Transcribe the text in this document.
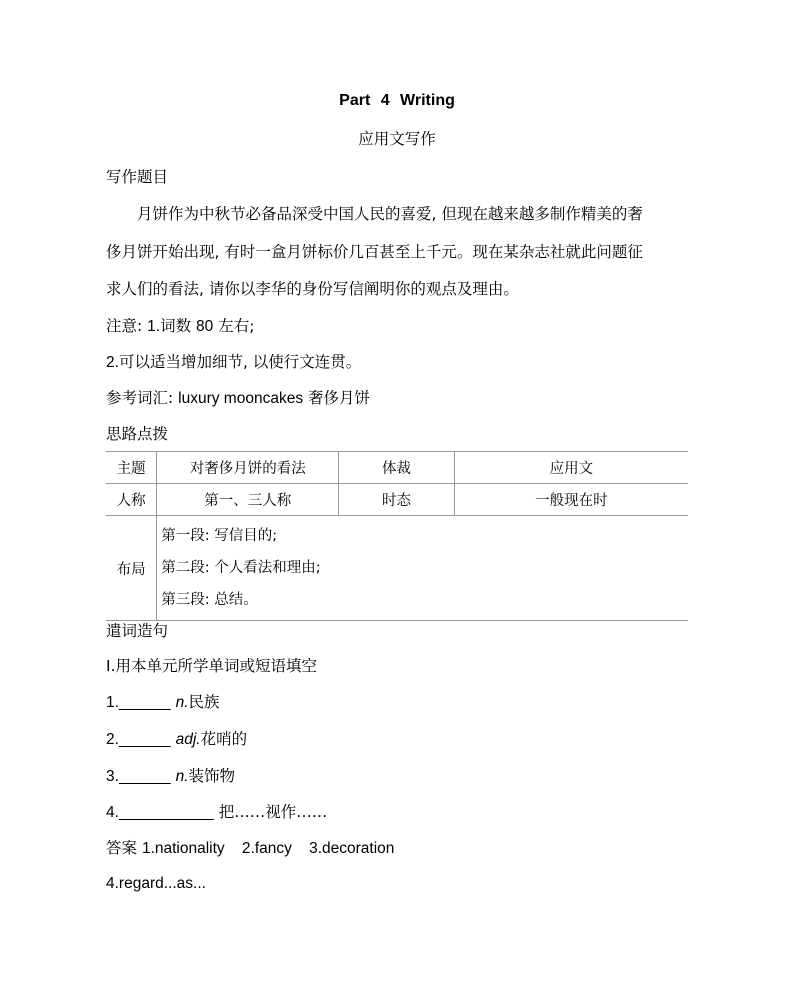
Part 4 Writing
应用文写作
写作题目
月饼作为中秋节必备品深受中国人民的喜爱, 但现在越来越多制作精美的奢
侈月饼开始出现, 有时一盒月饼标价几百甚至上千元。现在某杂志社就此问题征
求人们的看法, 请你以李华的身份写信阐明你的观点及理由。
注意: 1.词数 80 左右;
2.可以适当增加细节, 以使行文连贯。
参考词汇: luxury mooncakes 奢侈月饼
思路点拨
主题	对奢侈月饼的看法	体裁	应用文
人称	第一、三人称	时态	一般现在时
布局	第一段: 写信目的;
第二段: 个人看法和理由;
第三段: 总结。		
遣词造句
Ⅰ.用本单元所学单词或短语填空
1.______ n.民族
2.______ adj.花哨的
3.______ n.装饰物
4.___________ 把……视作……
答案 1.nationality    2.fancy    3.decoration
4.regard...as...
